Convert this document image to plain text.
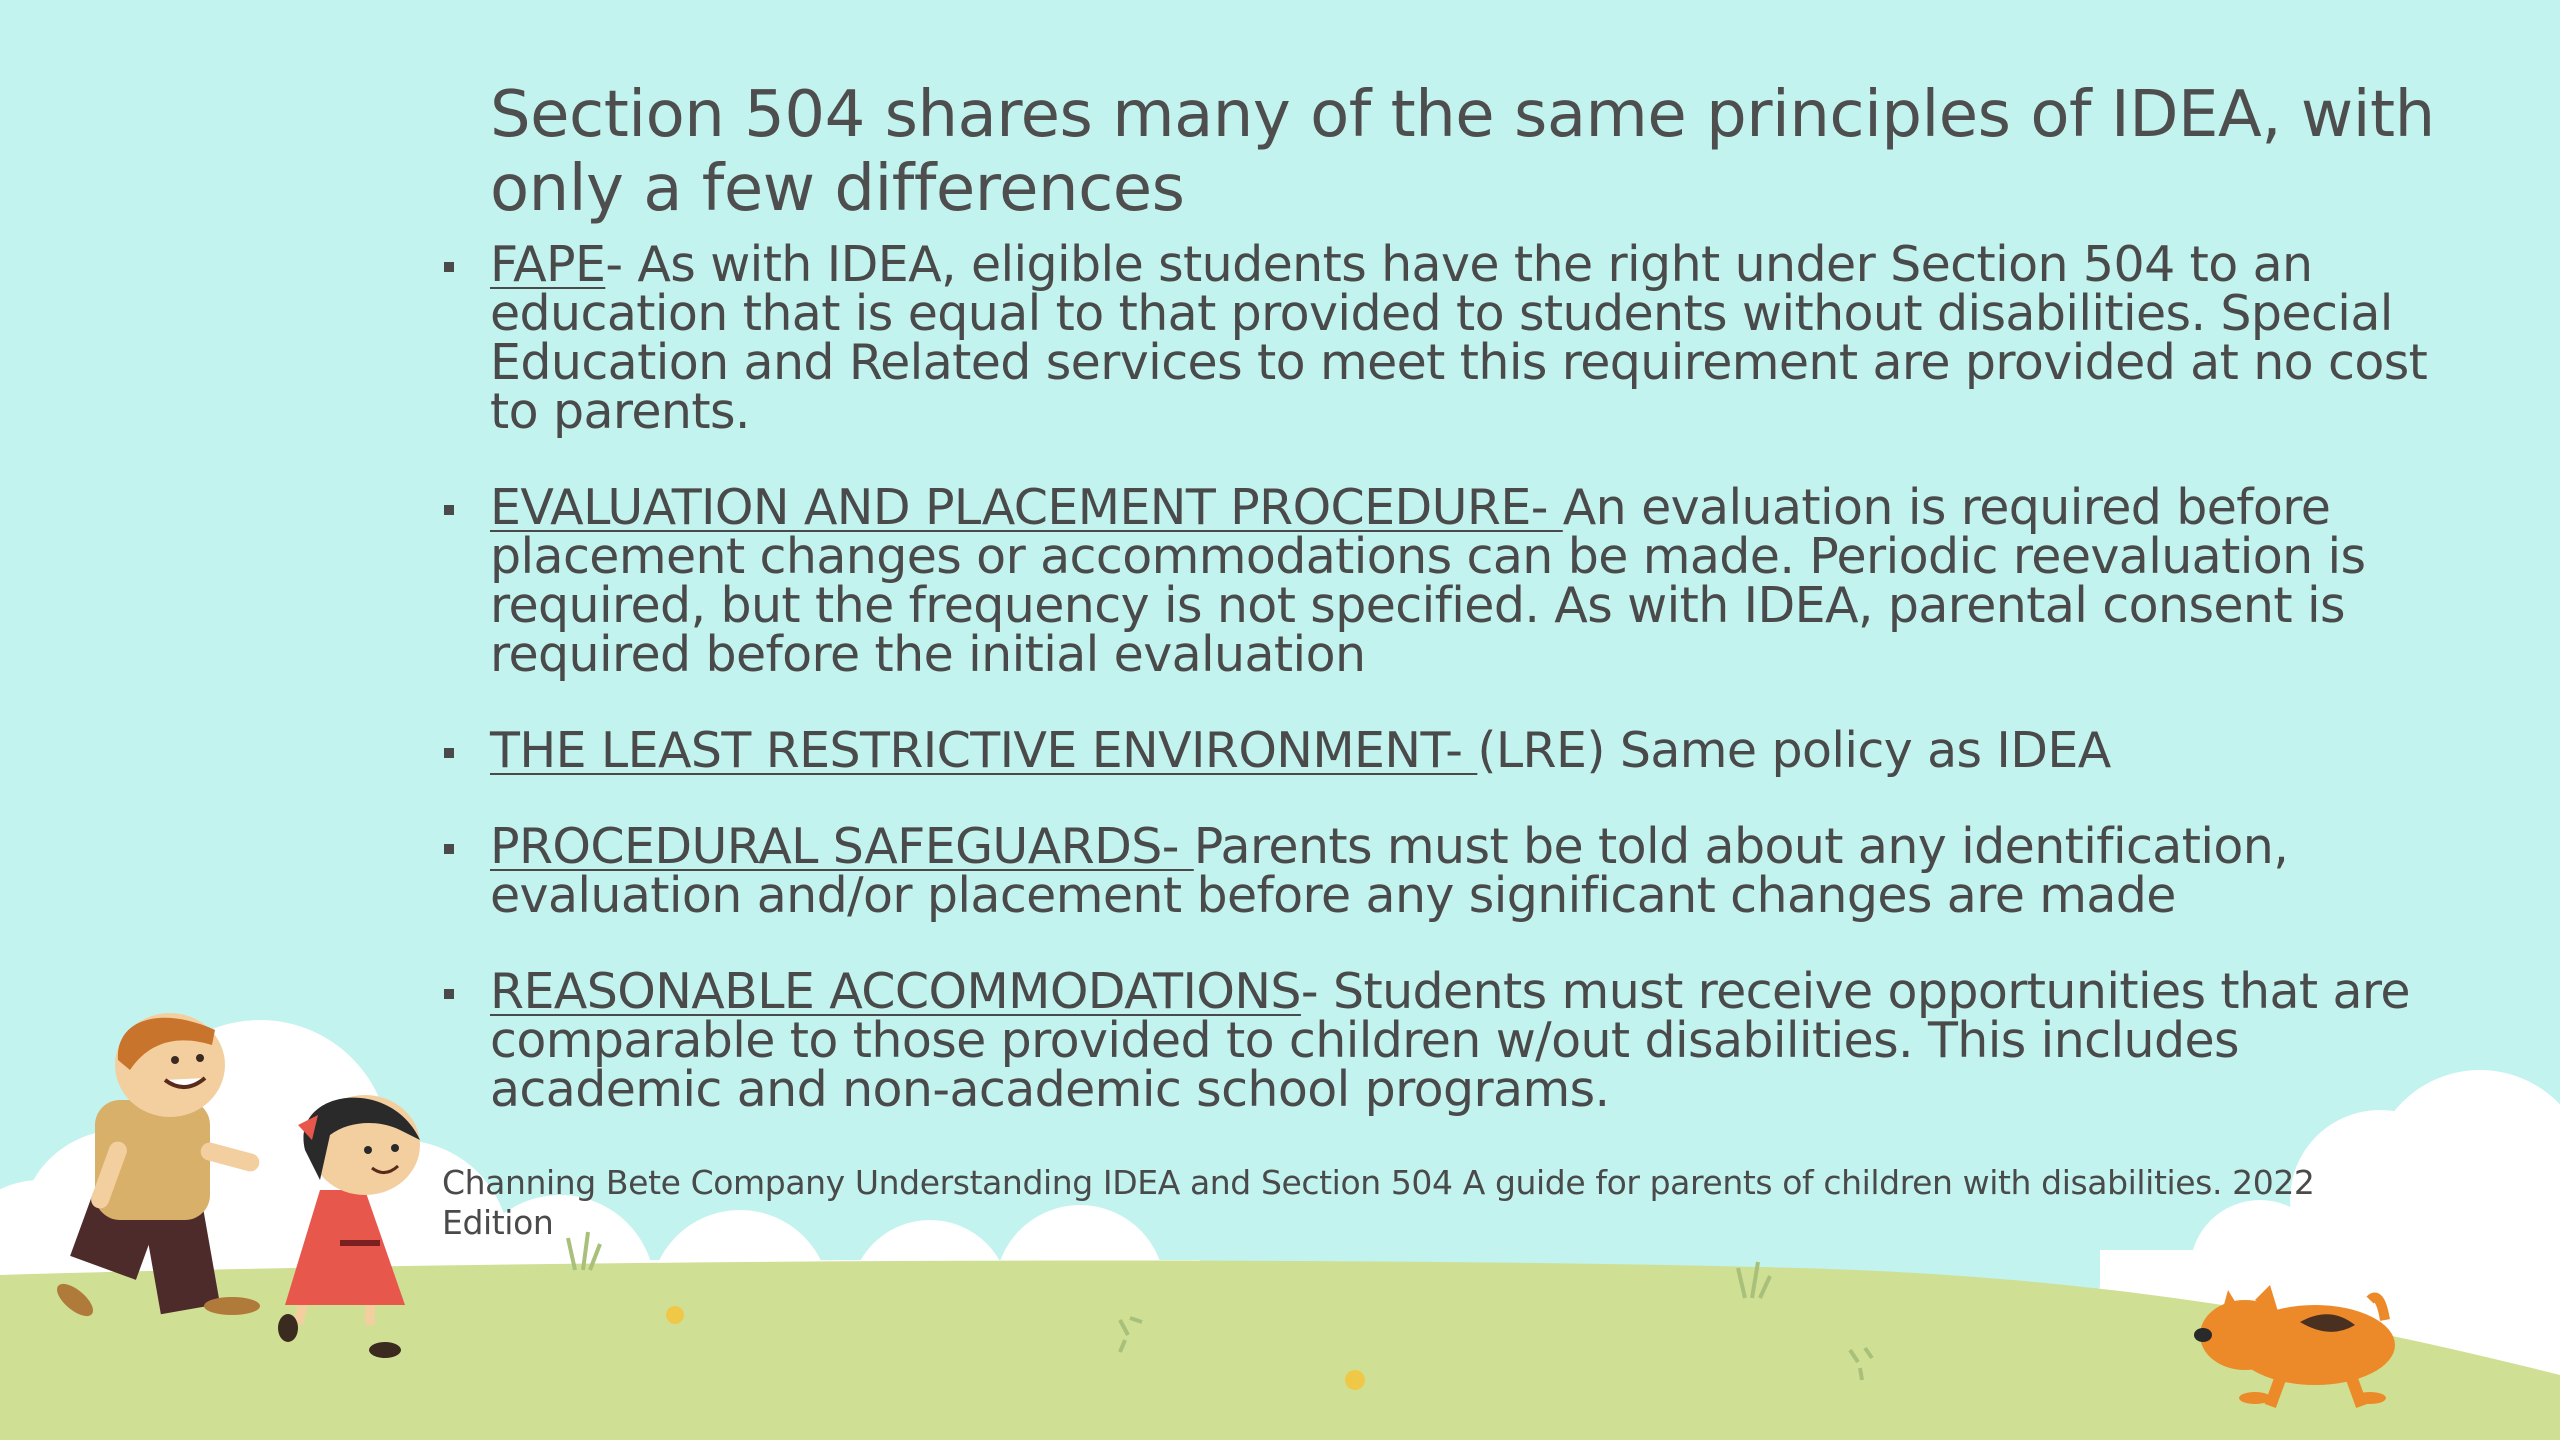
Section 504 shares many of the same principles of IDEA, with only a few differences
FAPE- As with IDEA, eligible students have the right under Section 504 to an education that is equal to that provided to students without disabilities. Special Education and Related services to meet this requirement are provided at no cost to parents.
EVALUATION AND PLACEMENT PROCEDURE- An evaluation is required before placement changes or accommodations can be made. Periodic reevaluation is required, but the frequency is not specified. As with IDEA, parental consent is required before the initial evaluation
THE LEAST RESTRICTIVE ENVIRONMENT- (LRE) Same policy as IDEA
PROCEDURAL SAFEGUARDS- Parents must be told about any identification, evaluation and/or placement before any significant changes are made
REASONABLE ACCOMMODATIONS- Students must receive opportunities that are comparable to those provided to children w/out disabilities. This includes academic and non-academic school programs.
Channing Bete Company Understanding IDEA and Section 504 A guide for parents of children with disabilities. 2022 Edition
